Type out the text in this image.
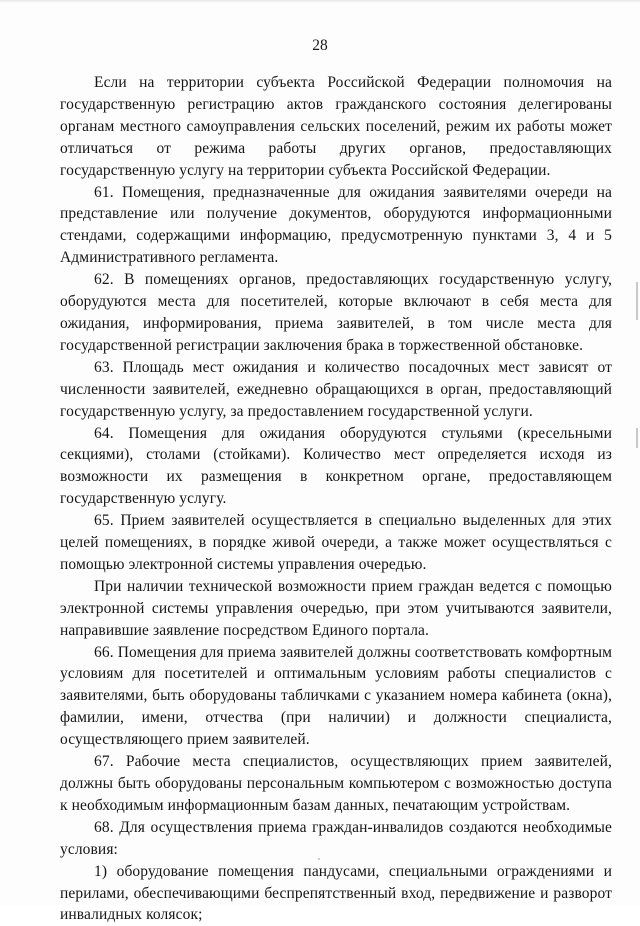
28

Если на территории субъекта Российской Федерации полномочия на государственную регистрацию актов гражданского состояния делегированы органам местного самоуправления сельских поселений, режим их работы может отличаться от режима работы других органов, предоставляющих государственную услугу на территории субъекта Российской Федерации.

61. Помещения, предназначенные для ожидания заявителями очереди на представление или получение документов, оборудуются информационными стендами, содержащими информацию, предусмотренную пунктами 3, 4 и 5 Административного регламента.

62. В помещениях органов, предоставляющих государственную услугу, оборудуются места для посетителей, которые включают в себя места для ожидания, информирования, приема заявителей, в том числе места для государственной регистрации заключения брака в торжественной обстановке.

63. Площадь мест ожидания и количество посадочных мест зависят от численности заявителей, ежедневно обращающихся в орган, предоставляющий государственную услугу, за предоставлением государственной услуги.

64. Помещения для ожидания оборудуются стульями (кресельными секциями), столами (стойками). Количество мест определяется исходя из возможности их размещения в конкретном органе, предоставляющем государственную услугу.

65. Прием заявителей осуществляется в специально выделенных для этих целей помещениях, в порядке живой очереди, а также может осуществляться с помощью электронной системы управления очередью.

При наличии технической возможности прием граждан ведется с помощью электронной системы управления очередью, при этом учитываются заявители, направившие заявление посредством Единого портала.

66. Помещения для приема заявителей должны соответствовать комфортным условиям для посетителей и оптимальным условиям работы специалистов с заявителями, быть оборудованы табличками с указанием номера кабинета (окна), фамилии, имени, отчества (при наличии) и должности специалиста, осуществляющего прием заявителей.

67. Рабочие места специалистов, осуществляющих прием заявителей, должны быть оборудованы персональным компьютером с возможностью доступа к необходимым информационным базам данных, печатающим устройствам.

68. Для осуществления приема граждан-инвалидов создаются необходимые условия:

1) оборудование помещения пандусами, специальными ограждениями и перилами, обеспечивающими беспрепятственный вход, передвижение и разворот инвалидных колясок;
